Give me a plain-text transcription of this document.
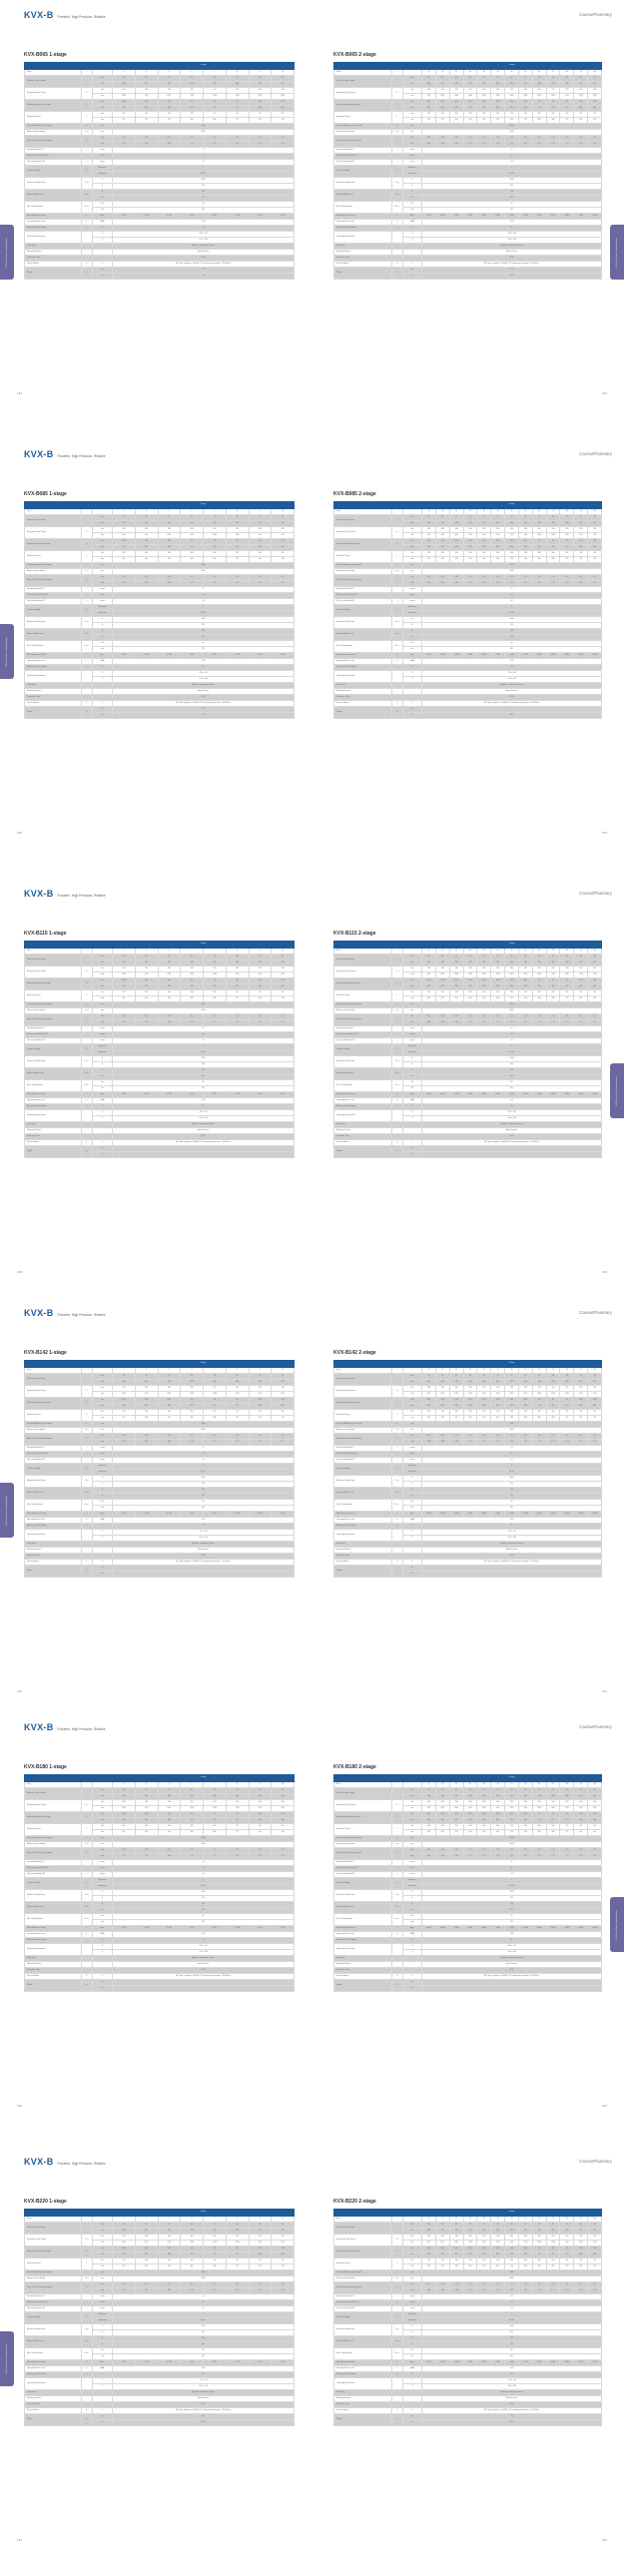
KVX-B Powerful. High Precision. Reliable	CaesarPlanetary
KVX-B065 1-stage	KVX-B065 2-stage
			1-stage							
Ratio	i		3	4	5	6	7	8	9	10
Nominal Output Torque		Nm	56	62	57	64	70	45	41	42
		in.lb	496	549	505	433	443	398	372	372
Emergency Stop Torque	T₂ₙₒₜ	Nm	158	180	180	160	150	135	130	130
		in.lb	1407	1597	1561	1328	1328	1195	1113	1113
Maximum Acceleration Torque	T₂ᵦ	Nm	100.8	93.6	93.6	90	90	81	70.8	70.8
		in.lb	902	829	830	797	797	717	669	669
Maximum Torque	T₂	Nm	113	104	104	100	100	90	84	84
		in.lb	991	920	920	885	885	797	744	744
Permitted Average Input Speed	n₁	rpm	5000							
Maximum Input Speed	n₁ₘₐₓ	rpm	9000							
Mean No Load Running Torque	T₀₁	Nm	0.25	0.25	0.25	0.2	0.2	0.2	0.2	0.2
		in.lb	2.21	2.21	1.86	1.77	1.77	1.77	1.77	1.77
Standard Backlash P1	j	arcmin	≤7							
Reduced Low Backlash P0	j	arcmin	≤5							
Ultra Low Backlash P0	j	arcmin	≤3							
Torsional Rigidity	C₂₁	Nm/arcmin	7							
		in.lb/arcmin	61.95							
Maximum Radial Load	F₂ᵣₘₐₓ	N	1000							
		lb	225							
Maximum Axial Load	F₂ₐₘₐₓ	N	750							
		lb	171							
Max. Tilting Moment	M₂ₖₘₐₓ	Nm	60							
		in.lb	531							
Mass Moment of Inertia	J₁	kgcm²	0.130	0.130	0.130	0.130	0.130	0.130	0.130	0.130
Operating Noise Level	L₍ₚₐ₎	dB(A)	≤ 63							
Efficiency at Full loading	η	%	95							
Operating Temperature		°C	-25 to +90							
		°F	-13 to +194							
Lubrication			Synthetic Lubrication Grease							
Mounting Position			Any Direction							
Protection Class			IP 65							
Service lifetime	Lₕ	h	S5 Cycle Operation: >30,000 | S1 Continuous Operation: >15,000 hrs							
Weight	m	kg	2.1							
		lb	4.6							
			2-stage												
Ratio	i		15	20	25	30	35	40	45	50	60	70	80	90	100
Nominal Output Torque		Nm	56	62	57	62	57	51	57	51	50	50	45	42	42
		in.lb	496	433	433	463	433	433	433	443	433	433	398	372	372
Emergency Stop Torque	T₂ₙₒₜ	Nm	180	180	180	180	180	180	180	180	150	150	135	130	130
		in.lb	1597	1561	1561	1561	1561	1561	1561	1561	1328	1328	1195	1113	1113
Maximum Acceleration Torque	T₂ᵦ	Nm	93.6	93.6	93.6	93.6	93.6	93.6	93.6	93.6	90	90	81	70.8	70.8
		in.lb	829	829	829	829	829	829	829	829	797	797	717	669	669
Maximum Torque	T₂	Nm	113	104	104	104	104	104	104	104	100	100	90	84	84
		in.lb	991	920	920	920	920	920	920	920	885	885	797	744	744
Permitted Average Input Speed	n₁	rpm	5000												
Maximum Input Speed	n₁ₘₐₓ	rpm	9000												
Mean No Load Running Torque	T₀₁	Nm	0.25	0.25	0.25	0.2	0.2	0.2	0.2	0.2	0.2	0.2	0.2	0.2	0.2
		in.lb	1.86	1.86	1.86	1.77	1.77	1.77	1.77	1.77	1.77	1.77	1.77	1.77	1.77
Standard Backlash P1	j	arcmin	≤7												
Reduced Low Backlash P0	j	arcmin	≤5												
Ultra Low Backlash P0	j	arcmin	≤3												
Torsional Rigidity	C₂₁	Nm/arcmin	7												
		in.lb/arcmin	61.95												
Maximum Radial Load	F₂ᵣₘₐₓ	N	1000												
		lb	225												
Maximum Axial Load	F₂ₐₘₐₓ	N	750												
		lb	171												
Max. Tilting Moment	M₂ₖₘₐₓ	Nm	60												
		in.lb	531												
Mass Moment of Inertia	J₁	kgcm²	0.064	0.064	0.064	0.064	0.064	0.064	0.064	0.064	0.064	0.064	0.064	0.064	0.064
Operating Noise Level	L₍ₚₐ₎	dB(A)	≤ 63												
Efficiency at Full loading	η	%	95												
Operating Temperature		°C	-25 to +90												
		°F	-13 to +194												
Lubrication			Synthetic Lubrication Grease												
Mounting Position			Any Direction												
Protection Class			IP 65												
Service lifetime	Lₕ	h	S5 Cycle Operation: >30,000 | S1 Continuous Operation: >15,000 hrs												
Weight	m	kg	2.4												
		lb	5.29												
154	155
KVX-B Series Servo Planetary Gearbox	KVX-B Series Servo Planetary Gearbox
KVX-B Powerful. High Precision. Reliable	CaesarPlanetary
KVX-B085 1-stage	KVX-B085 2-stage
			1-stage							
Ratio	i		3	4	5	6	7	8	9	10
Nominal Output Torque		Nm	56	62	57	64	70	45	41	42
		in.lb	496	549	505	433	443	398	372	372
Emergency Stop Torque	T₂ₙₒₜ	Nm	158	180	180	160	150	135	130	130
		in.lb	1407	1597	1561	1328	1328	1195	1113	1113
Maximum Acceleration Torque	T₂ᵦ	Nm	100.8	93.6	93.6	90	90	81	70.8	70.8
		in.lb	902	829	830	797	797	717	669	669
Maximum Torque	T₂	Nm	113	104	104	100	100	90	84	84
		in.lb	991	920	920	885	885	797	744	744
Permitted Average Input Speed	n₁	rpm	5000							
Maximum Input Speed	n₁ₘₐₓ	rpm	9000							
Mean No Load Running Torque	T₀₁	Nm	0.25	0.25	0.25	0.2	0.2	0.2	0.2	0.2
		in.lb	2.21	2.21	1.86	1.77	1.77	1.77	1.77	1.77
Standard Backlash P1	j	arcmin	≤7							
Reduced Low Backlash P0	j	arcmin	≤5							
Ultra Low Backlash P0	j	arcmin	≤3							
Torsional Rigidity	C₂₁	Nm/arcmin	7							
		in.lb/arcmin	61.95							
Maximum Radial Load	F₂ᵣₘₐₓ	N	1000							
		lb	225							
Maximum Axial Load	F₂ₐₘₐₓ	N	750							
		lb	171							
Max. Tilting Moment	M₂ₖₘₐₓ	Nm	60							
		in.lb	531							
Mass Moment of Inertia	J₁	kgcm²	0.130	0.130	0.130	0.130	0.130	0.130	0.130	0.130
Operating Noise Level	L₍ₚₐ₎	dB(A)	≤ 63							
Efficiency at Full loading	η	%	95							
Operating Temperature		°C	-25 to +90							
		°F	-13 to +194							
Lubrication			Synthetic Lubrication Grease							
Mounting Position			Any Direction							
Protection Class			IP 65							
Service lifetime	Lₕ	h	S5 Cycle Operation: >30,000 | S1 Continuous Operation: >15,000 hrs							
Weight	m	kg	3.5							
		lb	7.7							
			2-stage												
Ratio	i		15	20	25	30	35	40	45	50	60	70	80	90	100
Nominal Output Torque		Nm	56	62	57	62	57	51	57	51	50	50	45	42	42
		in.lb	496	433	433	463	433	433	433	443	433	433	398	372	372
Emergency Stop Torque	T₂ₙₒₜ	Nm	180	180	180	180	180	180	180	180	150	150	135	130	130
		in.lb	1597	1561	1561	1561	1561	1561	1561	1561	1328	1328	1195	1113	1113
Maximum Acceleration Torque	T₂ᵦ	Nm	93.6	93.6	93.6	93.6	93.6	93.6	93.6	93.6	90	90	81	70.8	70.8
		in.lb	829	829	829	829	829	829	829	829	797	797	717	669	669
Maximum Torque	T₂	Nm	113	104	104	104	104	104	104	104	100	100	90	84	84
		in.lb	991	920	920	920	920	920	920	920	885	885	797	744	744
Permitted Average Input Speed	n₁	rpm	5000												
Maximum Input Speed	n₁ₘₐₓ	rpm	9000												
Mean No Load Running Torque	T₀₁	Nm	0.25	0.25	0.25	0.2	0.2	0.2	0.2	0.2	0.2	0.2	0.2	0.2	0.2
		in.lb	1.86	1.86	1.86	1.77	1.77	1.77	1.77	1.77	1.77	1.77	1.77	1.77	1.77
Standard Backlash P1	j	arcmin	≤7												
Reduced Low Backlash P0	j	arcmin	≤5												
Ultra Low Backlash P0	j	arcmin	≤3												
Torsional Rigidity	C₂₁	Nm/arcmin	7												
		in.lb/arcmin	61.95												
Maximum Radial Load	F₂ᵣₘₐₓ	N	1000												
		lb	225												
Maximum Axial Load	F₂ₐₘₐₓ	N	750												
		lb	171												
Max. Tilting Moment	M₂ₖₘₐₓ	Nm	60												
		in.lb	531												
Mass Moment of Inertia	J₁	kgcm²	0.064	0.064	0.064	0.064	0.064	0.064	0.064	0.064	0.064	0.064	0.064	0.064	0.064
Operating Noise Level	L₍ₚₐ₎	dB(A)	≤ 63												
Efficiency at Full loading	η	%	95												
Operating Temperature		°C	-25 to +90												
		°F	-13 to +194												
Lubrication			Synthetic Lubrication Grease												
Mounting Position			Any Direction												
Protection Class			IP 65												
Service lifetime	Lₕ	h	S5 Cycle Operation: >30,000 | S1 Continuous Operation: >15,000 hrs												
Weight	m	kg	7												
		lb	15.5												
156	157
KVX-B Series Servo Planetary Gearbox
KVX-B Powerful. High Precision. Reliable	CaesarPlanetary
KVX-B115 1-stage	KVX-B115 2-stage
			1-stage							
Ratio	i		3	4	5	6	7	8	9	10
Nominal Output Torque		Nm	56	62	57	64	70	45	41	42
		in.lb	496	549	505	433	443	398	372	372
Emergency Stop Torque	T₂ₙₒₜ	Nm	158	180	180	160	150	135	130	130
		in.lb	1407	1597	1561	1328	1328	1195	1113	1113
Maximum Acceleration Torque	T₂ᵦ	Nm	100.8	93.6	93.6	90	90	81	70.8	70.8
		in.lb	902	829	830	797	797	717	669	669
Maximum Torque	T₂	Nm	113	104	104	100	100	90	84	84
		in.lb	991	920	920	885	885	797	744	744
Permitted Average Input Speed	n₁	rpm	5000							
Maximum Input Speed	n₁ₘₐₓ	rpm	9000							
Mean No Load Running Torque	T₀₁	Nm	0.25	0.25	0.25	0.2	0.2	0.2	0.2	0.2
		in.lb	2.21	2.21	1.86	1.77	1.77	1.77	1.77	1.77
Standard Backlash P1	j	arcmin	≤7							
Reduced Low Backlash P0	j	arcmin	≤5							
Ultra Low Backlash P0	j	arcmin	≤3							
Torsional Rigidity	C₂₁	Nm/arcmin	7							
		in.lb/arcmin	61.95							
Maximum Radial Load	F₂ᵣₘₐₓ	N	1000							
		lb	225							
Maximum Axial Load	F₂ₐₘₐₓ	N	750							
		lb	171							
Max. Tilting Moment	M₂ₖₘₐₓ	Nm	60							
		in.lb	531							
Mass Moment of Inertia	J₁	kgcm²	0.130	0.130	0.130	0.130	0.130	0.130	0.130	0.130
Operating Noise Level	L₍ₚₐ₎	dB(A)	≤ 63							
Efficiency at Full loading	η	%	95							
Operating Temperature		°C	-25 to +90							
		°F	-13 to +194							
Lubrication			Synthetic Lubrication Grease							
Mounting Position			Any Direction							
Protection Class			IP 65							
Service lifetime	Lₕ	h	S5 Cycle Operation: >30,000 | S1 Continuous Operation: >15,000 hrs							
Weight	m	kg								
		lb								
			2-stage												
Ratio	i		15	20	25	30	35	40	45	50	60	70	80	90	100
Nominal Output Torque		Nm	56	62	57	62	57	51	57	51	50	50	45	42	42
		in.lb	496	433	433	463	433	433	433	443	433	433	398	372	372
Emergency Stop Torque	T₂ₙₒₜ	Nm	180	180	180	180	180	180	180	180	150	150	135	130	130
		in.lb	1597	1561	1561	1561	1561	1561	1561	1561	1328	1328	1195	1113	1113
Maximum Acceleration Torque	T₂ᵦ	Nm	93.6	93.6	93.6	93.6	93.6	93.6	93.6	93.6	90	90	81	70.8	70.8
		in.lb	829	829	829	829	829	829	829	829	797	797	717	669	669
Maximum Torque	T₂	Nm	113	104	104	104	104	104	104	104	100	100	90	84	84
		in.lb	991	920	920	920	920	920	920	920	885	885	797	744	744
Permitted Average Input Speed	n₁	rpm	5000												
Maximum Input Speed	n₁ₘₐₓ	rpm	9000												
Mean No Load Running Torque	T₀₁	Nm	0.25	0.25	0.25	0.2	0.2	0.2	0.2	0.2	0.2	0.2	0.2	0.2	0.2
		in.lb	1.86	1.86	1.86	1.77	1.77	1.77	1.77	1.77	1.77	1.77	1.77	1.77	1.77
Standard Backlash P1	j	arcmin	≤7												
Reduced Low Backlash P0	j	arcmin	≤5												
Ultra Low Backlash P0	j	arcmin	≤3												
Torsional Rigidity	C₂₁	Nm/arcmin	7												
		in.lb/arcmin	61.95												
Maximum Radial Load	F₂ᵣₘₐₓ	N	1000												
		lb	225												
Maximum Axial Load	F₂ₐₘₐₓ	N	750												
		lb	171												
Max. Tilting Moment	M₂ₖₘₐₓ	Nm	60												
		in.lb	531												
Mass Moment of Inertia	J₁	kgcm²	0.064	0.064	0.064	0.064	0.064	0.064	0.064	0.064	0.064	0.064	0.064	0.064	0.064
Operating Noise Level	L₍ₚₐ₎	dB(A)	≤ 63												
Efficiency at Full loading	η	%	95												
Operating Temperature		°C	-25 to +90												
		°F	-13 to +194												
Lubrication			Synthetic Lubrication Grease												
Mounting Position			Any Direction												
Protection Class			IP 65												
Service lifetime	Lₕ	h	S5 Cycle Operation: >30,000 | S1 Continuous Operation: >15,000 hrs												
Weight	m	kg													
		lb													
158	159
KVX-B Series Servo Planetary Gearbox
KVX-B Powerful. High Precision. Reliable	CaesarPlanetary
KVX-B142 1-stage	KVX-B142 2-stage
			1-stage							
Ratio	i		3	4	5	6	7	8	9	10
Nominal Output Torque		Nm	56	62	57	64	70	45	41	42
		in.lb	496	549	505	433	443	398	372	372
Emergency Stop Torque	T₂ₙₒₜ	Nm	158	180	180	160	150	135	130	130
		in.lb	1407	1597	1561	1328	1328	1195	1113	1113
Maximum Acceleration Torque	T₂ᵦ	Nm	100.8	93.6	93.6	90	90	81	70.8	70.8
		in.lb	902	829	830	797	797	717	669	669
Maximum Torque	T₂	Nm	113	104	104	100	100	90	84	84
		in.lb	991	920	920	885	885	797	744	744
Permitted Average Input Speed	n₁	rpm	5000							
Maximum Input Speed	n₁ₘₐₓ	rpm	9000							
Mean No Load Running Torque	T₀₁	Nm	0.25	0.25	0.25	0.2	0.2	0.2	0.2	0.2
		in.lb	2.21	2.21	1.86	1.77	1.77	1.77	1.77	1.77
Standard Backlash P1	j	arcmin	≤7							
Reduced Low Backlash P0	j	arcmin	≤5							
Ultra Low Backlash P0	j	arcmin	≤3							
Torsional Rigidity	C₂₁	Nm/arcmin	7							
		in.lb/arcmin	61.95							
Maximum Radial Load	F₂ᵣₘₐₓ	N	1000							
		lb	225							
Maximum Axial Load	F₂ₐₘₐₓ	N	750							
		lb	171							
Max. Tilting Moment	M₂ₖₘₐₓ	Nm	60							
		in.lb	531							
Mass Moment of Inertia	J₁	kgcm²	0.130	0.130	0.130	0.130	0.130	0.130	0.130	0.130
Operating Noise Level	L₍ₚₐ₎	dB(A)	≤ 63							
Efficiency at Full loading	η	%	95							
Operating Temperature		°C	-25 to +90							
		°F	-13 to +194							
Lubrication			Synthetic Lubrication Grease							
Mounting Position			Any Direction							
Protection Class			IP 65							
Service lifetime	Lₕ	h	S5 Cycle Operation: >30,000 | S1 Continuous Operation: >15,000 hrs							
Weight	m	kg								
		lb								
			2-stage												
Ratio	i		15	20	25	30	35	40	45	50	60	70	80	90	100
Nominal Output Torque		Nm	56	62	57	62	57	51	57	51	50	50	45	42	42
		in.lb	496	433	433	463	433	433	433	443	433	433	398	372	372
Emergency Stop Torque	T₂ₙₒₜ	Nm	180	180	180	180	180	180	180	180	150	150	135	130	130
		in.lb	1597	1561	1561	1561	1561	1561	1561	1561	1328	1328	1195	1113	1113
Maximum Acceleration Torque	T₂ᵦ	Nm	93.6	93.6	93.6	93.6	93.6	93.6	93.6	93.6	90	90	81	70.8	70.8
		in.lb	829	829	829	829	829	829	829	829	797	797	717	669	669
Maximum Torque	T₂	Nm	113	104	104	104	104	104	104	104	100	100	90	84	84
		in.lb	991	920	920	920	920	920	920	920	885	885	797	744	744
Permitted Average Input Speed	n₁	rpm	5000												
Maximum Input Speed	n₁ₘₐₓ	rpm	9000												
Mean No Load Running Torque	T₀₁	Nm	0.25	0.25	0.25	0.2	0.2	0.2	0.2	0.2	0.2	0.2	0.2	0.2	0.2
		in.lb	1.86	1.86	1.86	1.77	1.77	1.77	1.77	1.77	1.77	1.77	1.77	1.77	1.77
Standard Backlash P1	j	arcmin	≤7												
Reduced Low Backlash P0	j	arcmin	≤5												
Ultra Low Backlash P0	j	arcmin	≤3												
Torsional Rigidity	C₂₁	Nm/arcmin	7												
		in.lb/arcmin	61.95												
Maximum Radial Load	F₂ᵣₘₐₓ	N	1000												
		lb	225												
Maximum Axial Load	F₂ₐₘₐₓ	N	750												
		lb	171												
Max. Tilting Moment	M₂ₖₘₐₓ	Nm	60												
		in.lb	531												
Mass Moment of Inertia	J₁	kgcm²	0.064	0.064	0.064	0.064	0.064	0.064	0.064	0.064	0.064	0.064	0.064	0.064	0.064
Operating Noise Level	L₍ₚₐ₎	dB(A)	≤ 63												
Efficiency at Full loading	η	%	95												
Operating Temperature		°C	-25 to +90												
		°F	-13 to +194												
Lubrication			Synthetic Lubrication Grease												
Mounting Position			Any Direction												
Protection Class			IP 65												
Service lifetime	Lₕ	h	S5 Cycle Operation: >30,000 | S1 Continuous Operation: >15,000 hrs												
Weight	m	kg													
		lb													
160	161
KVX-B Series Servo Planetary Gearbox
KVX-B Powerful. High Precision. Reliable	CaesarPlanetary
KVX-B180 1-stage	KVX-B180 2-stage
			1-stage							
Ratio	i		3	4	5	6	7	8	9	10
Nominal Output Torque		Nm	56	62	57	64	70	45	41	42
		in.lb	496	549	505	433	443	398	372	372
Emergency Stop Torque	T₂ₙₒₜ	Nm	158	180	180	160	150	135	130	130
		in.lb	1407	1597	1561	1328	1328	1195	1113	1113
Maximum Acceleration Torque	T₂ᵦ	Nm	100.8	93.6	93.6	90	90	81	70.8	70.8
		in.lb	902	829	830	797	797	717	669	669
Maximum Torque	T₂	Nm	113	104	104	100	100	90	84	84
		in.lb	991	920	920	885	885	797	744	744
Permitted Average Input Speed	n₁	rpm	5000							
Maximum Input Speed	n₁ₘₐₓ	rpm	9000							
Mean No Load Running Torque	T₀₁	Nm	0.25	0.25	0.25	0.2	0.2	0.2	0.2	0.2
		in.lb	2.21	2.21	1.86	1.77	1.77	1.77	1.77	1.77
Standard Backlash P1	j	arcmin	≤7							
Reduced Low Backlash P0	j	arcmin	≤5							
Ultra Low Backlash P0	j	arcmin	≤3							
Torsional Rigidity	C₂₁	Nm/arcmin	7							
		in.lb/arcmin	61.95							
Maximum Radial Load	F₂ᵣₘₐₓ	N	1000							
		lb	225							
Maximum Axial Load	F₂ₐₘₐₓ	N	750							
		lb	171							
Max. Tilting Moment	M₂ₖₘₐₓ	Nm	60							
		in.lb	531							
Mass Moment of Inertia	J₁	kgcm²	0.130	0.130	0.130	0.130	0.130	0.130	0.130	0.130
Operating Noise Level	L₍ₚₐ₎	dB(A)	≤ 63							
Efficiency at Full loading	η	%	95							
Operating Temperature		°C	-25 to +90							
		°F	-13 to +194							
Lubrication			Synthetic Lubrication Grease							
Mounting Position			Any Direction							
Protection Class			IP 65							
Service lifetime	Lₕ	h	S5 Cycle Operation: >30,000 | S1 Continuous Operation: >15,000 hrs							
Weight	m	kg								
		lb								
			2-stage												
Ratio	i		15	20	25	30	35	40	45	50	60	70	80	90	100
Nominal Output Torque		Nm	56	62	57	62	57	51	57	51	50	50	45	42	42
		in.lb	496	433	433	463	433	433	433	443	433	433	398	372	372
Emergency Stop Torque	T₂ₙₒₜ	Nm	180	180	180	180	180	180	180	180	150	150	135	130	130
		in.lb	1597	1561	1561	1561	1561	1561	1561	1561	1328	1328	1195	1113	1113
Maximum Acceleration Torque	T₂ᵦ	Nm	93.6	93.6	93.6	93.6	93.6	93.6	93.6	93.6	90	90	81	70.8	70.8
		in.lb	829	829	829	829	829	829	829	829	797	797	717	669	669
Maximum Torque	T₂	Nm	113	104	104	104	104	104	104	104	100	100	90	84	84
		in.lb	991	920	920	920	920	920	920	920	885	885	797	744	744
Permitted Average Input Speed	n₁	rpm	5000												
Maximum Input Speed	n₁ₘₐₓ	rpm	9000												
Mean No Load Running Torque	T₀₁	Nm	0.25	0.25	0.25	0.2	0.2	0.2	0.2	0.2	0.2	0.2	0.2	0.2	0.2
		in.lb	1.86	1.86	1.86	1.77	1.77	1.77	1.77	1.77	1.77	1.77	1.77	1.77	1.77
Standard Backlash P1	j	arcmin	≤7												
Reduced Low Backlash P0	j	arcmin	≤5												
Ultra Low Backlash P0	j	arcmin	≤3												
Torsional Rigidity	C₂₁	Nm/arcmin	7												
		in.lb/arcmin	61.95												
Maximum Radial Load	F₂ᵣₘₐₓ	N	1000												
		lb	225												
Maximum Axial Load	F₂ₐₘₐₓ	N	750												
		lb	171												
Max. Tilting Moment	M₂ₖₘₐₓ	Nm	60												
		in.lb	531												
Mass Moment of Inertia	J₁	kgcm²	0.064	0.064	0.064	0.064	0.064	0.064	0.064	0.064	0.064	0.064	0.064	0.064	0.064
Operating Noise Level	L₍ₚₐ₎	dB(A)	≤ 63												
Efficiency at Full loading	η	%	95												
Operating Temperature		°C	-25 to +90												
		°F	-13 to +194												
Lubrication			Synthetic Lubrication Grease												
Mounting Position			Any Direction												
Protection Class			IP 65												
Service lifetime	Lₕ	h	S5 Cycle Operation: >30,000 | S1 Continuous Operation: >15,000 hrs												
Weight	m	kg													
		lb													
162	163
KVX-B Series Servo Planetary Gearbox
KVX-B Powerful. High Precision. Reliable	CaesarPlanetary
KVX-B220 1-stage	KVX-B220 2-stage
			1-stage							
Ratio	i		3	4	5	6	7	8	9	10
Nominal Output Torque		Nm	56	62	57	64	70	45	41	42
		in.lb	496	549	505	433	443	398	372	372
Emergency Stop Torque	T₂ₙₒₜ	Nm	158	180	180	160	150	135	130	130
		in.lb	1407	1597	1561	1328	1328	1195	1113	1113
Maximum Acceleration Torque	T₂ᵦ	Nm	100.8	93.6	93.6	90	90	81	70.8	70.8
		in.lb	902	829	830	797	797	717	669	669
Maximum Torque	T₂	Nm	113	104	104	100	100	90	84	84
		in.lb	991	920	920	885	885	797	744	744
Permitted Average Input Speed	n₁	rpm	5000							
Maximum Input Speed	n₁ₘₐₓ	rpm	9000							
Mean No Load Running Torque	T₀₁	Nm	0.25	0.25	0.25	0.2	0.2	0.2	0.2	0.2
		in.lb	2.21	2.21	1.86	1.77	1.77	1.77	1.77	1.77
Standard Backlash P1	j	arcmin	≤7							
Reduced Low Backlash P0	j	arcmin	≤5							
Ultra Low Backlash P0	j	arcmin	≤3							
Torsional Rigidity	C₂₁	Nm/arcmin	7							
		in.lb/arcmin	61.95							
Maximum Radial Load	F₂ᵣₘₐₓ	N	1000							
		lb	225							
Maximum Axial Load	F₂ₐₘₐₓ	N	750							
		lb	171							
Max. Tilting Moment	M₂ₖₘₐₓ	Nm	60							
		in.lb	531							
Mass Moment of Inertia	J₁	kgcm²	0.130	0.130	0.130	0.130	0.130	0.130	0.130	0.130
Operating Noise Level	L₍ₚₐ₎	dB(A)	≤ 63							
Efficiency at Full loading	η	%	95							
Operating Temperature		°C	-25 to +90							
		°F	-13 to +194							
Lubrication			Synthetic Lubrication Grease							
Mounting Position			Any Direction							
Protection Class			IP 65							
Service lifetime	Lₕ	h	S5 Cycle Operation: >30,000 | S1 Continuous Operation: >15,000 hrs							
Weight	m	kg	58							
		lb	169.6							
			2-stage												
Ratio	i		15	20	25	30	35	40	45	50	60	70	80	90	100
Nominal Output Torque		Nm	56	62	57	62	57	51	57	51	50	50	45	42	42
		in.lb	496	433	433	463	433	433	433	443	433	433	398	372	372
Emergency Stop Torque	T₂ₙₒₜ	Nm	180	180	180	180	180	180	180	180	150	150	135	130	130
		in.lb	1597	1561	1561	1561	1561	1561	1561	1561	1328	1328	1195	1113	1113
Maximum Acceleration Torque	T₂ᵦ	Nm	93.6	93.6	93.6	93.6	93.6	93.6	93.6	93.6	90	90	81	70.8	70.8
		in.lb	829	829	829	829	829	829	829	829	797	797	717	669	669
Maximum Torque	T₂	Nm	113	104	104	104	104	104	104	104	100	100	90	84	84
		in.lb	991	920	920	920	920	920	920	920	885	885	797	744	744
Permitted Average Input Speed	n₁	rpm	5000												
Maximum Input Speed	n₁ₘₐₓ	rpm	9000												
Mean No Load Running Torque	T₀₁	Nm	0.25	0.25	0.25	0.2	0.2	0.2	0.2	0.2	0.2	0.2	0.2	0.2	0.2
		in.lb	1.86	1.86	1.86	1.77	1.77	1.77	1.77	1.77	1.77	1.77	1.77	1.77	1.77
Standard Backlash P1	j	arcmin	≤7												
Reduced Low Backlash P0	j	arcmin	≤5												
Ultra Low Backlash P0	j	arcmin	≤3												
Torsional Rigidity	C₂₁	Nm/arcmin	7												
		in.lb/arcmin	61.95												
Maximum Radial Load	F₂ᵣₘₐₓ	N	1000												
		lb	225												
Maximum Axial Load	F₂ₐₘₐₓ	N	750												
		lb	171												
Max. Tilting Moment	M₂ₖₘₐₓ	Nm	60												
		in.lb	531												
Mass Moment of Inertia	J₁	kgcm²	0.064	0.064	0.064	0.064	0.064	0.064	0.064	0.064	0.064	0.064	0.064	0.064	0.064
Operating Noise Level	L₍ₚₐ₎	dB(A)	≤ 63												
Efficiency at Full loading	η	%	95												
Operating Temperature		°C	-25 to +90												
		°F	-13 to +194												
Lubrication			Synthetic Lubrication Grease												
Mounting Position			Any Direction												
Protection Class			IP 65												
Service lifetime	Lₕ	h	S5 Cycle Operation: >30,000 | S1 Continuous Operation: >15,000 hrs												
Weight	m	kg	78												
		lb	171.9												
164	165
KVX-B Series Servo Planetary Gearbox
